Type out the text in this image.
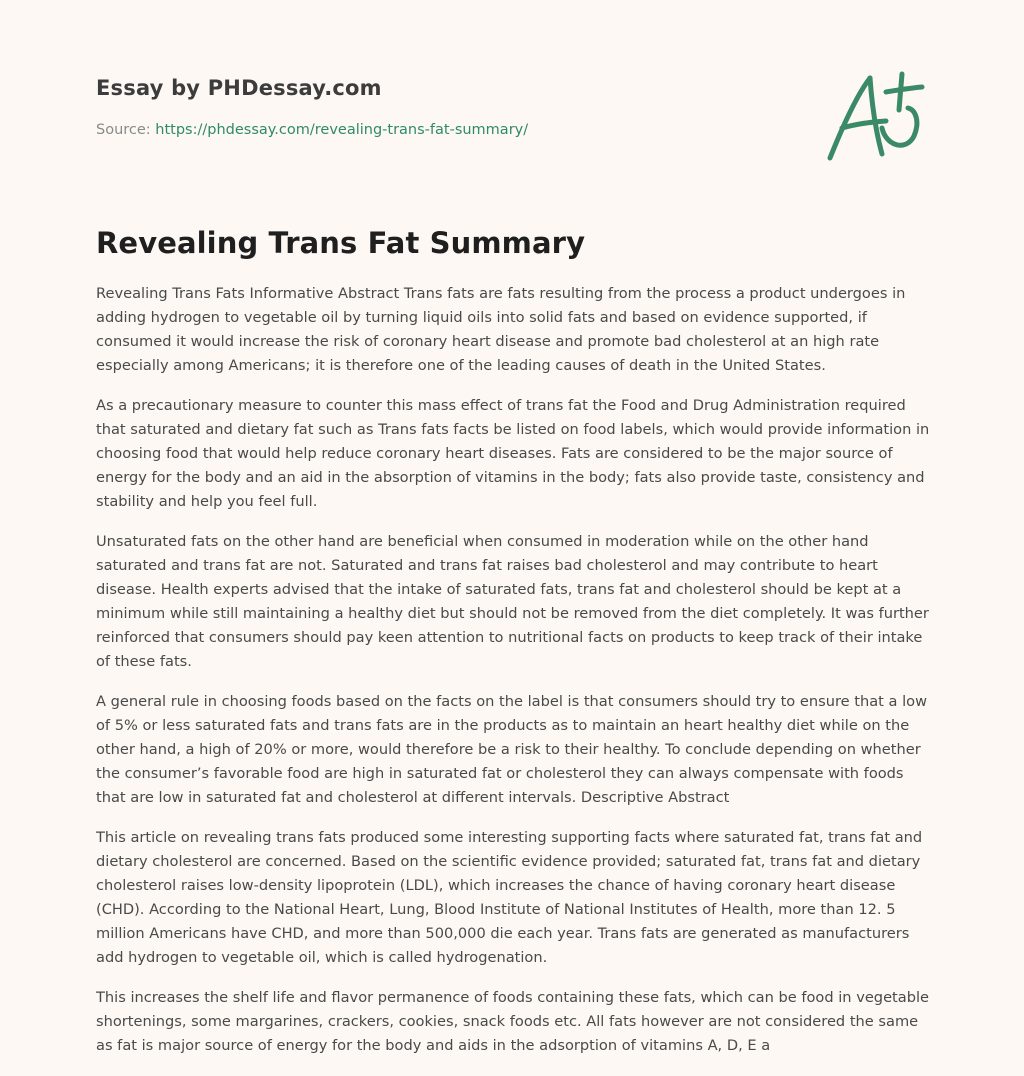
Essay by PHDessay.com
Source: https://phdessay.com/revealing-trans-fat-summary/
Revealing Trans Fat Summary

Revealing Trans Fats Informative Abstract Trans fats are fats resulting from the process a product undergoes in adding hydrogen to vegetable oil by turning liquid oils into solid fats and based on evidence supported, if consumed it would increase the risk of coronary heart disease and promote bad cholesterol at an high rate especially among Americans; it is therefore one of the leading causes of death in the United States.

As a precautionary measure to counter this mass effect of trans fat the Food and Drug Administration required that saturated and dietary fat such as Trans fats facts be listed on food labels, which would provide information in choosing food that would help reduce coronary heart diseases. Fats are considered to be the major source of energy for the body and an aid in the absorption of vitamins in the body; fats also provide taste, consistency and stability and help you feel full.

Unsaturated fats on the other hand are beneficial when consumed in moderation while on the other hand saturated and trans fat are not. Saturated and trans fat raises bad cholesterol and may contribute to heart disease. Health experts advised that the intake of saturated fats, trans fat and cholesterol should be kept at a minimum while still maintaining a healthy diet but should not be removed from the diet completely. It was further reinforced that consumers should pay keen attention to nutritional facts on products to keep track of their intake of these fats.

A general rule in choosing foods based on the facts on the label is that consumers should try to ensure that a low of 5% or less saturated fats and trans fats are in the products as to maintain an heart healthy diet while on the other hand, a high of 20% or more, would therefore be a risk to their healthy. To conclude depending on whether the consumer’s favorable food are high in saturated fat or cholesterol they can always compensate with foods that are low in saturated fat and cholesterol at different intervals. Descriptive Abstract

This article on revealing trans fats produced some interesting supporting facts where saturated fat, trans fat and dietary cholesterol are concerned. Based on the scientific evidence provided; saturated fat, trans fat and dietary cholesterol raises low-density lipoprotein (LDL), which increases the chance of having coronary heart disease (CHD). According to the National Heart, Lung, Blood Institute of National Institutes of Health, more than 12. 5 million Americans have CHD, and more than 500,000 die each year. Trans fats are generated as manufacturers add hydrogen to vegetable oil, which is called hydrogenation.

This increases the shelf life and flavor permanence of foods containing these fats, which can be food in vegetable shortenings, some margarines, crackers, cookies, snack foods etc. All fats however are not considered the same as fat is major source of energy for the body and aids in the adsorption of vitamins A, D, E a
